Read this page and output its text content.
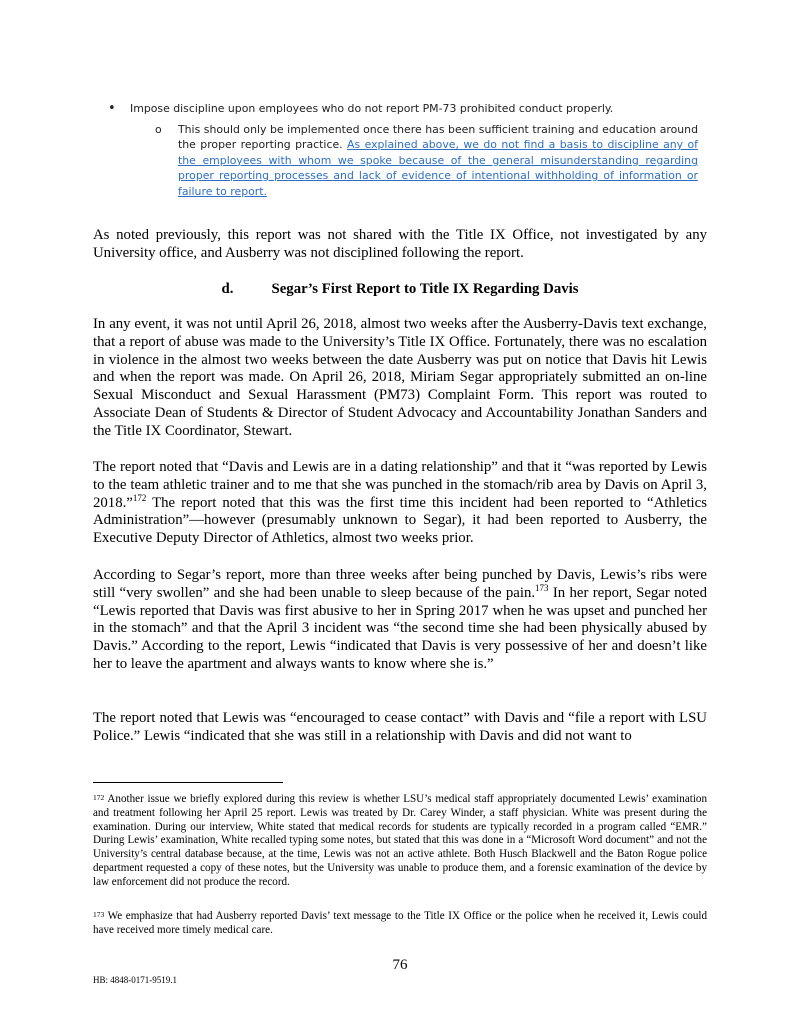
• Impose discipline upon employees who do not report PM-73 prohibited conduct properly.
o This should only be implemented once there has been sufficient training and education around the proper reporting practice. As explained above, we do not find a basis to discipline any of the employees with whom we spoke because of the general misunderstanding regarding proper reporting processes and lack of evidence of intentional withholding of information or failure to report.
As noted previously, this report was not shared with the Title IX Office, not investigated by any University office, and Ausberry was not disciplined following the report.
d.	Segar’s First Report to Title IX Regarding Davis
In any event, it was not until April 26, 2018, almost two weeks after the Ausberry-Davis text exchange, that a report of abuse was made to the University’s Title IX Office. Fortunately, there was no escalation in violence in the almost two weeks between the date Ausberry was put on notice that Davis hit Lewis and when the report was made. On April 26, 2018, Miriam Segar appropriately submitted an on-line Sexual Misconduct and Sexual Harassment (PM73) Complaint Form. This report was routed to Associate Dean of Students & Director of Student Advocacy and Accountability Jonathan Sanders and the Title IX Coordinator, Stewart.
The report noted that “Davis and Lewis are in a dating relationship” and that it “was reported by Lewis to the team athletic trainer and to me that she was punched in the stomach/rib area by Davis on April 3, 2018.”$^{172}$ The report noted that this was the first time this incident had been reported to “Athletics Administration”—however (presumably unknown to Segar), it had been reported to Ausberry, the Executive Deputy Director of Athletics, almost two weeks prior.
According to Segar’s report, more than three weeks after being punched by Davis, Lewis’s ribs were still “very swollen” and she had been unable to sleep because of the pain.$^{173}$ In her report, Segar noted “Lewis reported that Davis was first abusive to her in Spring 2017 when he was upset and punched her in the stomach” and that the April 3 incident was “the second time she had been physically abused by Davis.” According to the report, Lewis “indicated that Davis is very possessive of her and doesn’t like her to leave the apartment and always wants to know where she is.”
The report noted that Lewis was “encouraged to cease contact” with Davis and “file a report with LSU Police.” Lewis “indicated that she was still in a relationship with Davis and did not want to
$^{172}$ Another issue we briefly explored during this review is whether LSU’s medical staff appropriately documented Lewis’ examination and treatment following her April 25 report. Lewis was treated by Dr. Carey Winder, a staff physician. White was present during the examination. During our interview, White stated that medical records for students are typically recorded in a program called “EMR.” During Lewis’ examination, White recalled typing some notes, but stated that this was done in a “Microsoft Word document” and not the University’s central database because, at the time, Lewis was not an active athlete. Both Husch Blackwell and the Baton Rogue police department requested a copy of these notes, but the University was unable to produce them, and a forensic examination of the device by law enforcement did not produce the record.
$^{173}$ We emphasize that had Ausberry reported Davis’ text message to the Title IX Office or the police when he received it, Lewis could have received more timely medical care.
76
HB: 4848-0171-9519.1
